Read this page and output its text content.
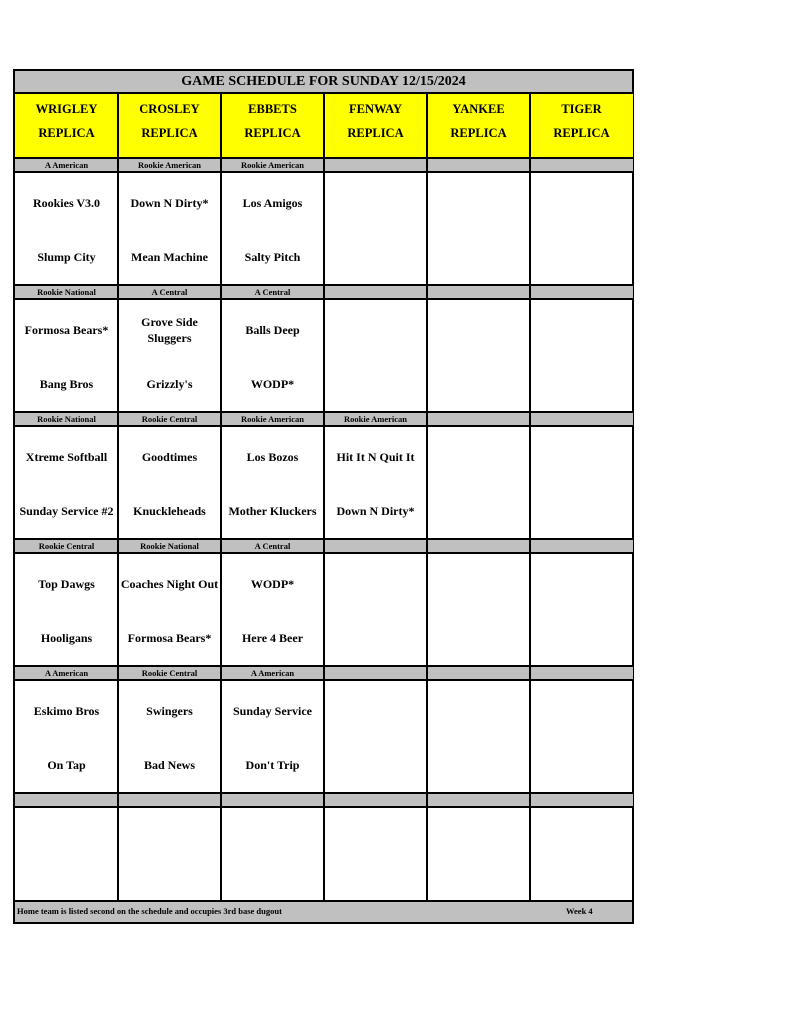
GAME SCHEDULE FOR SUNDAY 12/15/2024
WRIGLEY
REPLICA
CROSLEY
REPLICA
EBBETS
REPLICA
FENWAY
REPLICA
YANKEE
REPLICA
TIGER
REPLICA
A American
Rookies V3.0
Slump City
Rookie American
Down N Dirty*
Mean Machine
Rookie American
Los Amigos
Salty Pitch
Rookie National
Formosa Bears*
Bang Bros
A Central
Grove Side Sluggers
Grizzly's
A Central
Balls Deep
WODP*
Rookie National
Xtreme Softball
Sunday Service #2
Rookie Central
Goodtimes
Knuckleheads
Rookie American
Los Bozos
Mother Kluckers
Rookie American
Hit It N Quit It
Down N Dirty*
Rookie Central
Top Dawgs
Hooligans
Rookie National
Coaches Night Out
Formosa Bears*
A Central
WODP*
Here 4 Beer
A American
Eskimo Bros
On Tap
Rookie Central
Swingers
Bad News
A American
Sunday Service
Don't Trip
Home team is listed second on the schedule and occupies 3rd base dugout	Week 4
